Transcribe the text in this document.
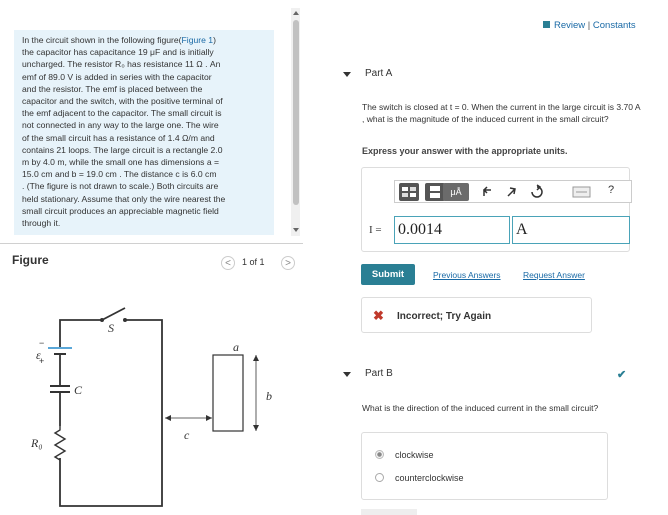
In the circuit shown in the following figure(Figure 1)
the capacitor has capacitance 19 μF and is initially
uncharged. The resistor R₀ has resistance 11 Ω . An
emf of 89.0 V is added in series with the capacitor
and the resistor. The emf is placed between the
capacitor and the switch, with the positive terminal of
the emf adjacent to the capacitor. The small circuit is
not connected in any way to the large one. The wire
of the small circuit has a resistance of 1.4 Ω/m and
contains 21 loops. The large circuit is a rectangle 2.0
m by 4.0 m, while the small one has dimensions a =
15.0 cm and b = 19.0 cm . The distance c is 6.0 cm
. (The figure is not drawn to scale.) Both circuits are
held stationary. Assume that only the wire nearest the
small circuit produces an appreciable magnetic field
through it.
Figure	<	1 of 1	>
ε
+
−
S
C
R₀
a
b
c
Review | Constants
Part A
The switch is closed at t = 0. When the current in the large circuit is 3.70 A , what is the magnitude of the induced current in the small circuit?
Express your answer with the appropriate units.
μÅ	?
I = 0.0014	A
Submit	Previous Answers	Request Answer
✖ Incorrect; Try Again
Part B	✔
What is the direction of the induced current in the small circuit?
clockwise
counterclockwise
